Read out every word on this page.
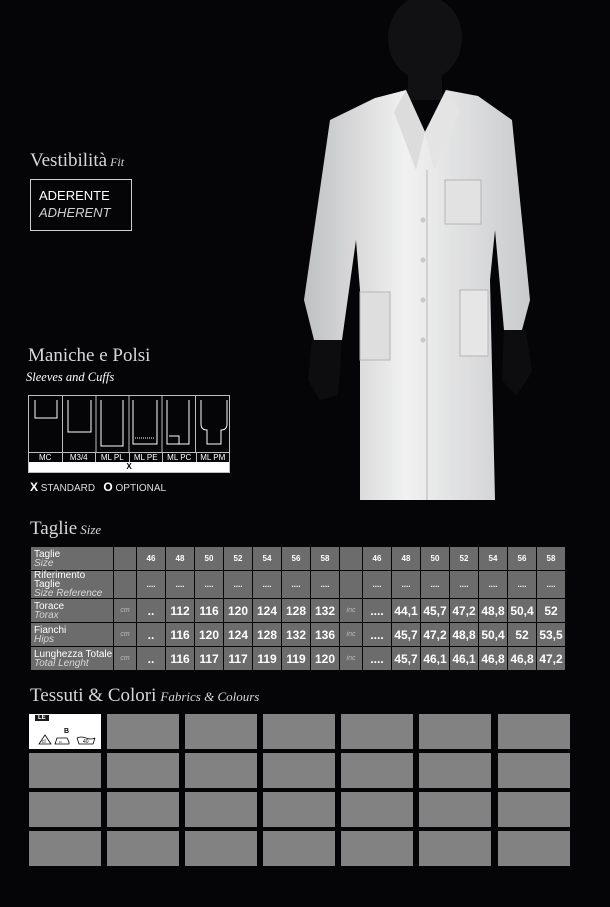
Vestibilità Fit
ADERENTE
ADHERENT
Maniche e Polsi
Sleeves and Cuffs
MC	M3/4	ML PL	ML PE	ML PC	ML PM
X
X STANDARD O OPTIONAL
Taglie Size
Taglie
Size		46	48	50	52	54	56	58		46	48	50	52	54	56	58

Riferimento Taglie
Size Reference		....	....	....	....	....	....	....		....	....	....	....	....	....	....

Torace
Torax	cm	..	112	116	120	124	128	132	inc	....	44,1	45,7	47,2	48,8	50,4	52

Fianchi
Hips	cm	..	116	120	124	128	132	136	inc	....	45,7	47,2	48,8	50,4	52	53,5

Lunghezza Totale
Total Lenght	cm	..	116	117	117	119	119	120	inc	....	45,7	46,1	46,1	46,8	46,8	47,2
Tessuti & Colori Fabrics & Colours
LE
B
cl	••	40
